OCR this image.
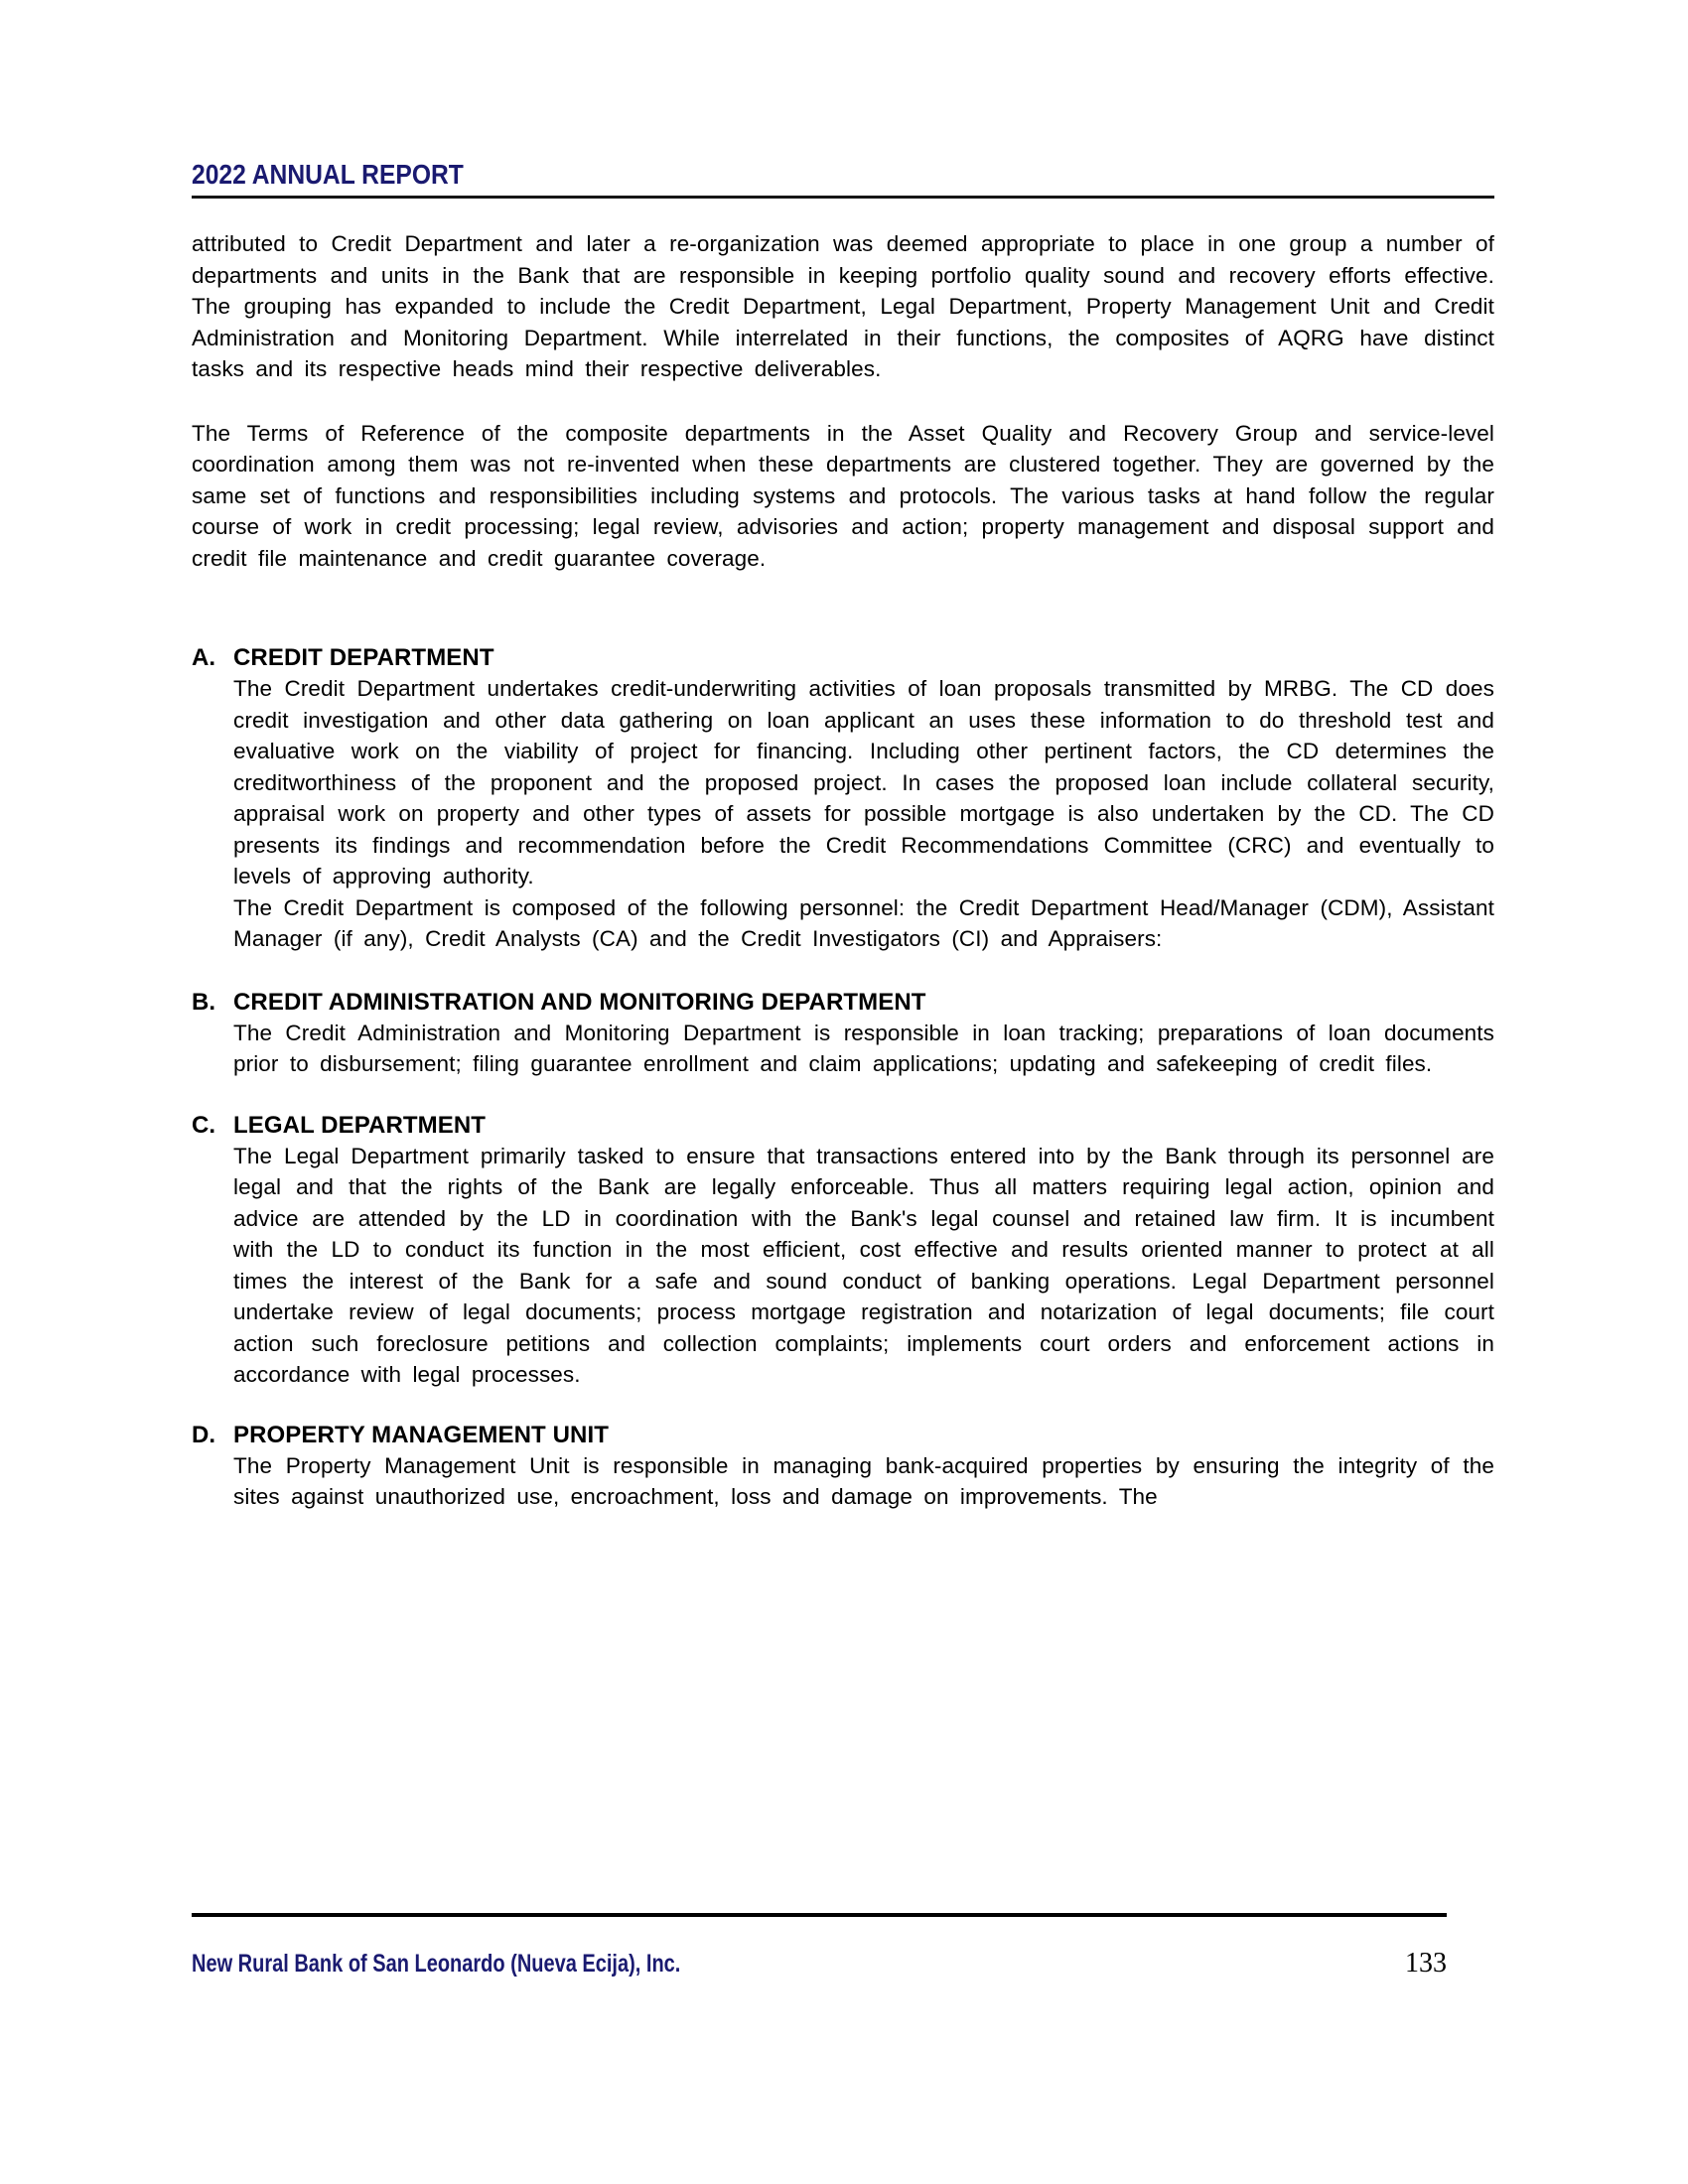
2022 ANNUAL REPORT

attributed to Credit Department and later a re-organization was deemed appropriate to place in one group a number of departments and units in the Bank that are responsible in keeping portfolio quality sound and recovery efforts effective. The grouping has expanded to include the Credit Department, Legal Department, Property Management Unit and Credit Administration and Monitoring Department. While interrelated in their functions, the composites of AQRG have distinct tasks and its respective heads mind their respective deliverables.

The Terms of Reference of the composite departments in the Asset Quality and Recovery Group and service-level coordination among them was not re-invented when these departments are clustered together. They are governed by the same set of functions and responsibilities including systems and protocols. The various tasks at hand follow the regular course of work in credit processing; legal review, advisories and action; property management and disposal support and credit file maintenance and credit guarantee coverage.

A. CREDIT DEPARTMENT

The Credit Department undertakes credit-underwriting activities of loan proposals transmitted by MRBG. The CD does credit investigation and other data gathering on loan applicant an uses these information to do threshold test and evaluative work on the viability of project for financing. Including other pertinent factors, the CD determines the creditworthiness of the proponent and the proposed project. In cases the proposed loan include collateral security, appraisal work on property and other types of assets for possible mortgage is also undertaken by the CD. The CD presents its findings and recommendation before the Credit Recommendations Committee (CRC) and eventually to levels of approving authority.

The Credit Department is composed of the following personnel: the Credit Department Head/Manager (CDM), Assistant Manager (if any), Credit Analysts (CA) and the Credit Investigators (CI) and Appraisers:

B. CREDIT ADMINISTRATION AND MONITORING DEPARTMENT

The Credit Administration and Monitoring Department is responsible in loan tracking; preparations of loan documents prior to disbursement; filing guarantee enrollment and claim applications; updating and safekeeping of credit files.

C. LEGAL DEPARTMENT

The Legal Department primarily tasked to ensure that transactions entered into by the Bank through its personnel are legal and that the rights of the Bank are legally enforceable. Thus all matters requiring legal action, opinion and advice are attended by the LD in coordination with the Bank's legal counsel and retained law firm. It is incumbent with the LD to conduct its function in the most efficient, cost effective and results oriented manner to protect at all times the interest of the Bank for a safe and sound conduct of banking operations. Legal Department personnel undertake review of legal documents; process mortgage registration and notarization of legal documents; file court action such foreclosure petitions and collection complaints; implements court orders and enforcement actions in accordance with legal processes.

D. PROPERTY MANAGEMENT UNIT

The Property Management Unit is responsible in managing bank-acquired properties by ensuring the integrity of the sites against unauthorized use, encroachment, loss and damage on improvements. The

New Rural Bank of San Leonardo (Nueva Ecija), Inc.	133
